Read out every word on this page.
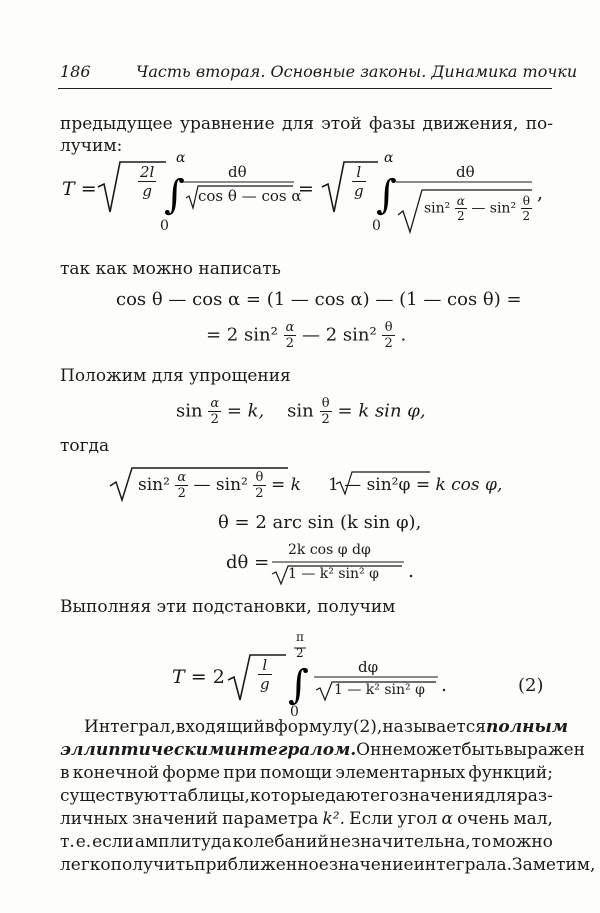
186	Часть вторая. Основные законы. Динамика точки
предыдущее уравнение для этой фазы движения, по-
лучим:
T = ∫	∫
∫
$\frac{2l}{g}$
α
0
dθ
cos θ — cos α
=	$\frac{l}{g}$
α
0
dθ
$\sin^2 \frac{\alpha}{2}$ — $\sin^2 \frac{\theta}{2}$
,
так как можно написать
cos θ — cos α = (1 — cos α) — (1 — cos θ) =
= 2 $\sin^2 \frac{\alpha}{2}$ — 2 $\sin^2 \frac{\theta}{2}$ .
Положим для упрощения
$\sin \frac{\alpha}{2} = k$, $\sin \frac{\theta}{2} = k$ sin φ,
тогда
$\sin^2 \frac{\alpha}{2}$ — $\sin^2 \frac{\theta}{2} = k$ 1 — sin²φ = k cos φ,
θ = 2 arc sin (k sin φ),
dθ =
2k cos φ dφ
1 — k² sin² φ .
Выполняя эти подстановки, получим
$T = 2 \frac{l}{g}$
π
2
0
dφ
1 — k² sin² φ .	(2)
Интеграл, входящий в формулу (2), называется полным
эллиптическим интегралом. Он не может быть выражен
в конечной форме при помощи элементарных функций;
существуют таблицы, которые дают его значения для раз-
личных значений параметра k². Если угол α очень мал,
т. е. если амплитуда колебаний незначительна, то можно
легко получить приближенное значение интеграла. Заметим,
